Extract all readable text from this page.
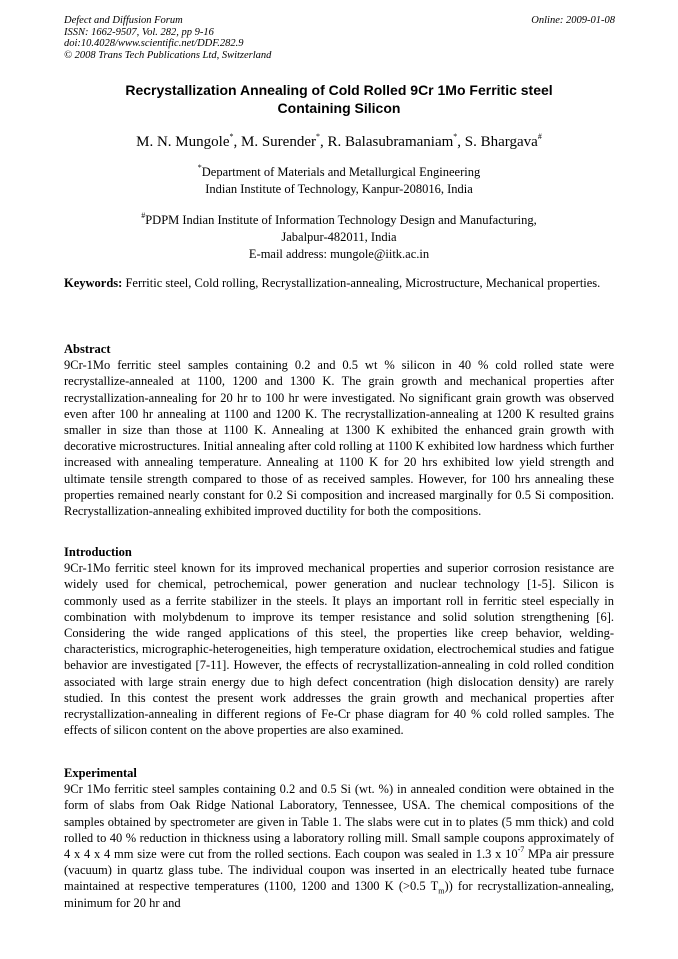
Defect and Diffusion Forum
ISSN: 1662-9507, Vol. 282, pp 9-16
doi:10.4028/www.scientific.net/DDF.282.9
© 2008 Trans Tech Publications Ltd, Switzerland
Online: 2009-01-08
Recrystallization Annealing of Cold Rolled 9Cr 1Mo Ferritic steel
Containing Silicon
M. N. Mungole*, M. Surender*, R. Balasubramaniam*, S. Bhargava#
*Department of Materials and Metallurgical Engineering
Indian Institute of Technology, Kanpur-208016, India
#PDPM Indian Institute of Information Technology Design and Manufacturing,
Jabalpur-482011, India
E-mail address: mungole@iitk.ac.in
Keywords: Ferritic steel, Cold rolling, Recrystallization-annealing, Microstructure, Mechanical properties.
Abstract

9Cr-1Mo ferritic steel samples containing 0.2 and 0.5 wt % silicon in 40 % cold rolled state were recrystallize-annealed at 1100, 1200 and 1300 K. The grain growth and mechanical properties after recrystallization-annealing for 20 hr to 100 hr were investigated. No significant grain growth was observed even after 100 hr annealing at 1100 and 1200 K. The recrystallization-annealing at 1200 K resulted grains smaller in size than those at 1100 K. Annealing at 1300 K exhibited the enhanced grain growth with decorative microstructures. Initial annealing after cold rolling at 1100 K exhibited low hardness which further increased with annealing temperature. Annealing at 1100 K for 20 hrs exhibited low yield strength and ultimate tensile strength compared to those of as received samples. However, for 100 hrs annealing these properties remained nearly constant for 0.2 Si composition and increased marginally for 0.5 Si composition. Recrystallization-annealing exhibited improved ductility for both the compositions.

Introduction

9Cr-1Mo ferritic steel known for its improved mechanical properties and superior corrosion resistance are widely used for chemical, petrochemical, power generation and nuclear technology [1-5]. Silicon is commonly used as a ferrite stabilizer in the steels. It plays an important roll in ferritic steel especially in combination with molybdenum to improve its temper resistance and solid solution strengthening [6]. Considering the wide ranged applications of this steel, the properties like creep behavior, welding-characteristics, micrographic-heterogeneities, high temperature oxidation, electrochemical studies and fatigue behavior are investigated [7-11]. However, the effects of recrystallization-annealing in cold rolled condition associated with large strain energy due to high defect concentration (high dislocation density) are rarely studied. In this contest the present work addresses the grain growth and mechanical properties after recrystallization-annealing in different regions of Fe-Cr phase diagram for 40 % cold rolled samples. The effects of silicon content on the above properties are also examined.

Experimental

9Cr 1Mo ferritic steel samples containing 0.2 and 0.5 Si (wt. %) in annealed condition were obtained in the form of slabs from Oak Ridge National Laboratory, Tennessee, USA. The chemical compositions of the samples obtained by spectrometer are given in Table 1. The slabs were cut in to plates (5 mm thick) and cold rolled to 40 % reduction in thickness using a laboratory rolling mill. Small sample coupons approximately of 4 x 4 x 4 mm size were cut from the rolled sections. Each coupon was sealed in 1.3 x $10^{-7}$ MPa air pressure (vacuum) in quartz glass tube. The individual coupon was inserted in an electrically heated tube furnace maintained at respective temperatures (1100, 1200 and 1300 K (>0.5 $T_m$)) for recrystallization-annealing, minimum for 20 hr and
